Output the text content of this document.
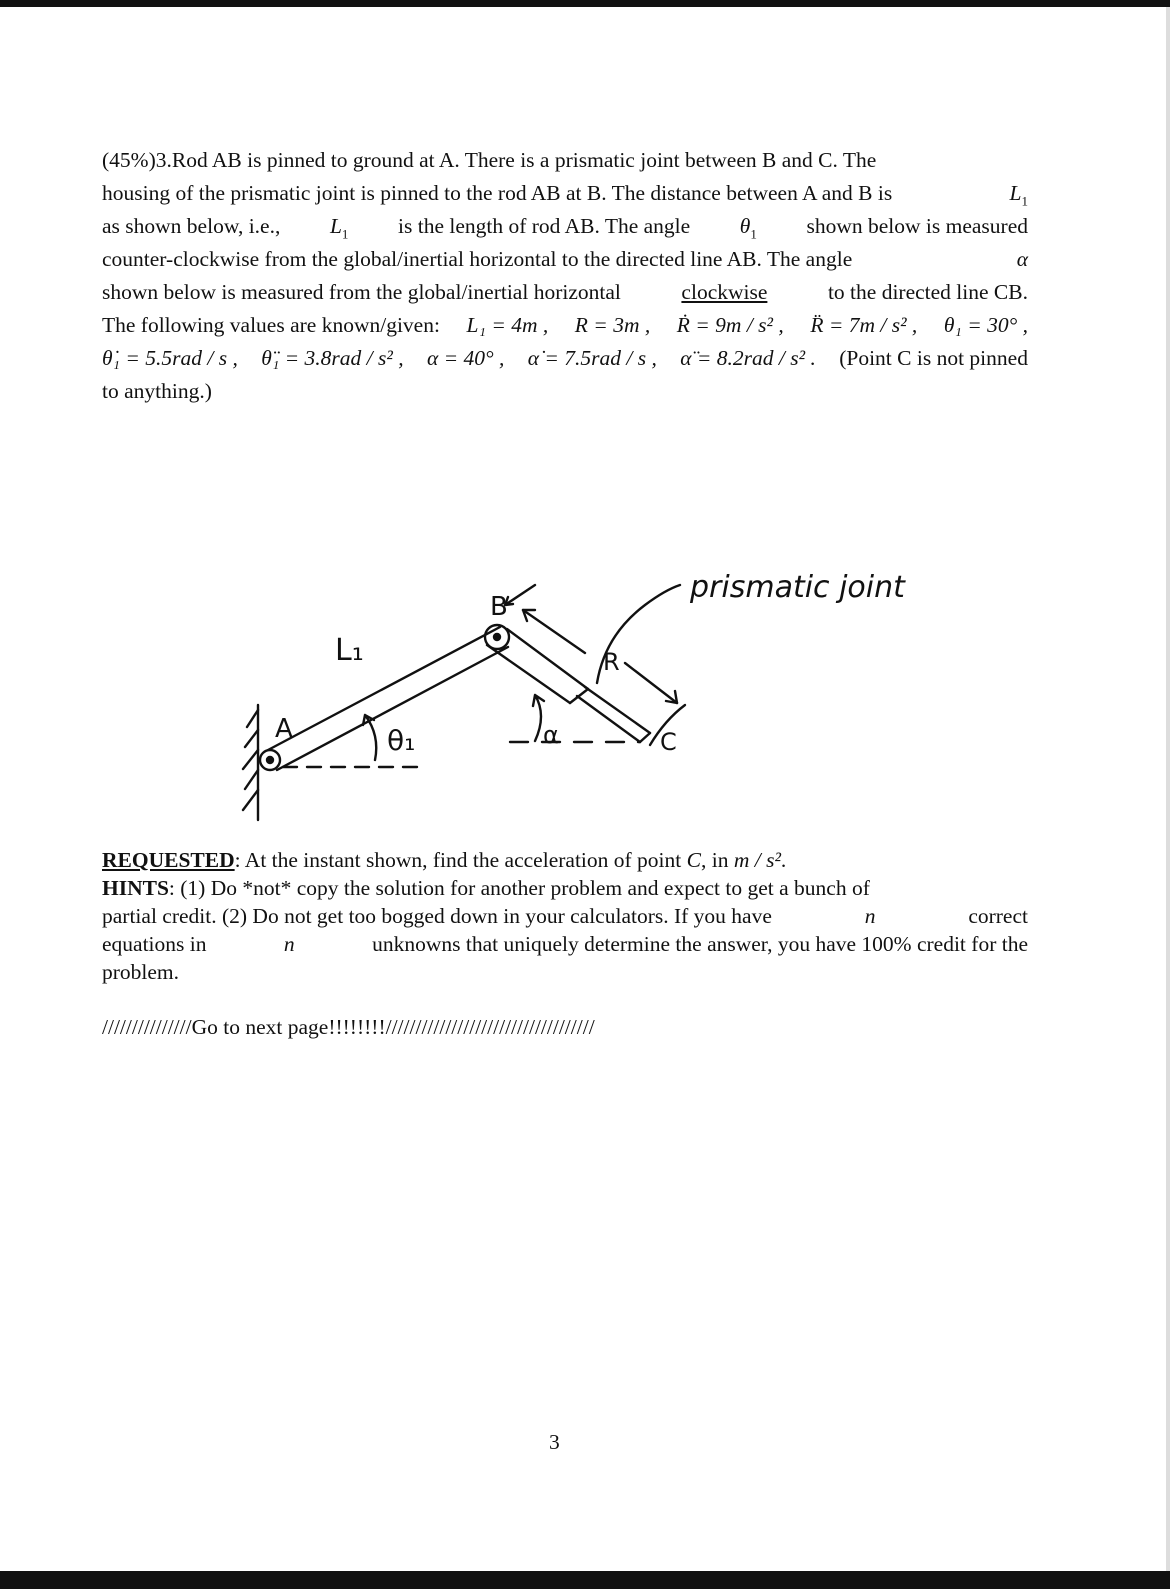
(45%)3.Rod AB is pinned to ground at A. There is a prismatic joint between B and C. The
housing of the prismatic joint is pinned to the rod AB at B. The distance between A and B is	$L_1$
as shown below, i.e., $L_1$ is the length of rod AB. The angle $\theta_1$ shown below is measured
counter-clockwise from the global/inertial horizontal to the directed line AB. The angle	α
shown below is measured from the global/inertial horizontal	clockwise	to the directed line CB.
The following values are known/given: L₁ = 4m , R = 3m , Ṙ = 9m / s² , R̈ = 7m / s² , θ₁ = 30° ,
θ̇₁ = 5.5rad / s , θ̈₁ = 3.8rad / s² , α = 40° , α̇ = 7.5rad / s , α̈ = 8.2rad / s² . (Point C is not pinned
to anything.)
L₁
A
B
C
R
θ₁	α
prismatic joint
REQUESTED : At the instant shown, find the acceleration of point
C , in
m / s² .
HINTS: (1) Do *not* copy the solution for another problem and expect to get a bunch of
partial credit. (2) Do not get too bogged down in your calculators. If you have	n	correct
equations in	n	unknowns that uniquely determine the answer, you have 100% credit for the
problem.
///////////////Go to next page!!!!!!!!///////////////////////////////////
3
